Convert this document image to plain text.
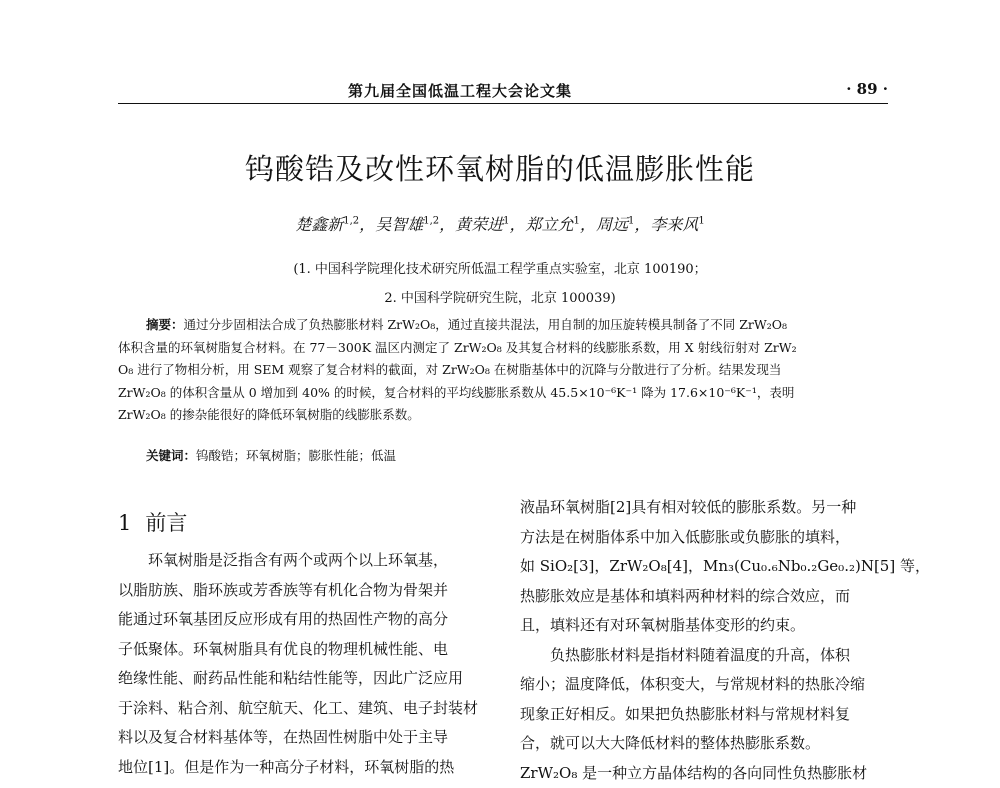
第九届全国低温工程大会论文集	· 89 ·
钨酸锆及改性环氧树脂的低温膨胀性能
楚鑫新$^{1,2}$，吴智雄$^{1,2}$，黄荣进$^1$，郑立允$^1$，周远$^1$，李来风$^1$
(1. 中国科学院理化技术研究所低温工程学重点实验室，北京 100190；
2. 中国科学院研究生院，北京 100039)
摘要：通过分步固相法合成了负热膨胀材料 ZrW₂O₈，通过直接共混法，用自制的加压旋转模具制备了不同 ZrW₂O₈
体积含量的环氧树脂复合材料。在 77－300K 温区内测定了 ZrW₂O₈ 及其复合材料的线膨胀系数，用 X 射线衍射对 ZrW₂
O₈ 进行了物相分析，用 SEM 观察了复合材料的截面，对 ZrW₂O₈ 在树脂基体中的沉降与分散进行了分析。结果发现当
ZrW₂O₈ 的体积含量从 0 增加到 40% 的时候，复合材料的平均线膨胀系数从 45.5×10⁻⁶K⁻¹ 降为 17.6×10⁻⁶K⁻¹，表明
ZrW₂O₈ 的掺杂能很好的降低环氧树脂的线膨胀系数。
关键词：钨酸锆；环氧树脂；膨胀性能；低温
1 前言
环氧树脂是泛指含有两个或两个以上环氧基，
以脂肪族、脂环族或芳香族等有机化合物为骨架并
能通过环氧基团反应形成有用的热固性产物的高分
子低聚体。环氧树脂具有优良的物理机械性能、电
绝缘性能、耐药品性能和粘结性能等，因此广泛应用
于涂料、粘合剂、航空航天、化工、建筑、电子封装材
料以及复合材料基体等，在热固性树脂中处于主导
地位[1]。但是作为一种高分子材料，环氧树脂的热
液晶环氧树脂[2]具有相对较低的膨胀系数。另一种
方法是在树脂体系中加入低膨胀或负膨胀的填料，
如 SiO₂[3]，ZrW₂O₈[4]，Mn₃(Cu₀.₆Nb₀.₂Ge₀.₂)N[5] 等，
热膨胀效应是基体和填料两种材料的综合效应，而
且，填料还有对环氧树脂基体变形的约束。
负热膨胀材料是指材料随着温度的升高，体积
缩小；温度降低，体积变大，与常规材料的热胀冷缩
现象正好相反。如果把负热膨胀材料与常规材料复
合，就可以大大降低材料的整体热膨胀系数。
ZrW₂O₈ 是一种立方晶体结构的各向同性负热膨胀材
